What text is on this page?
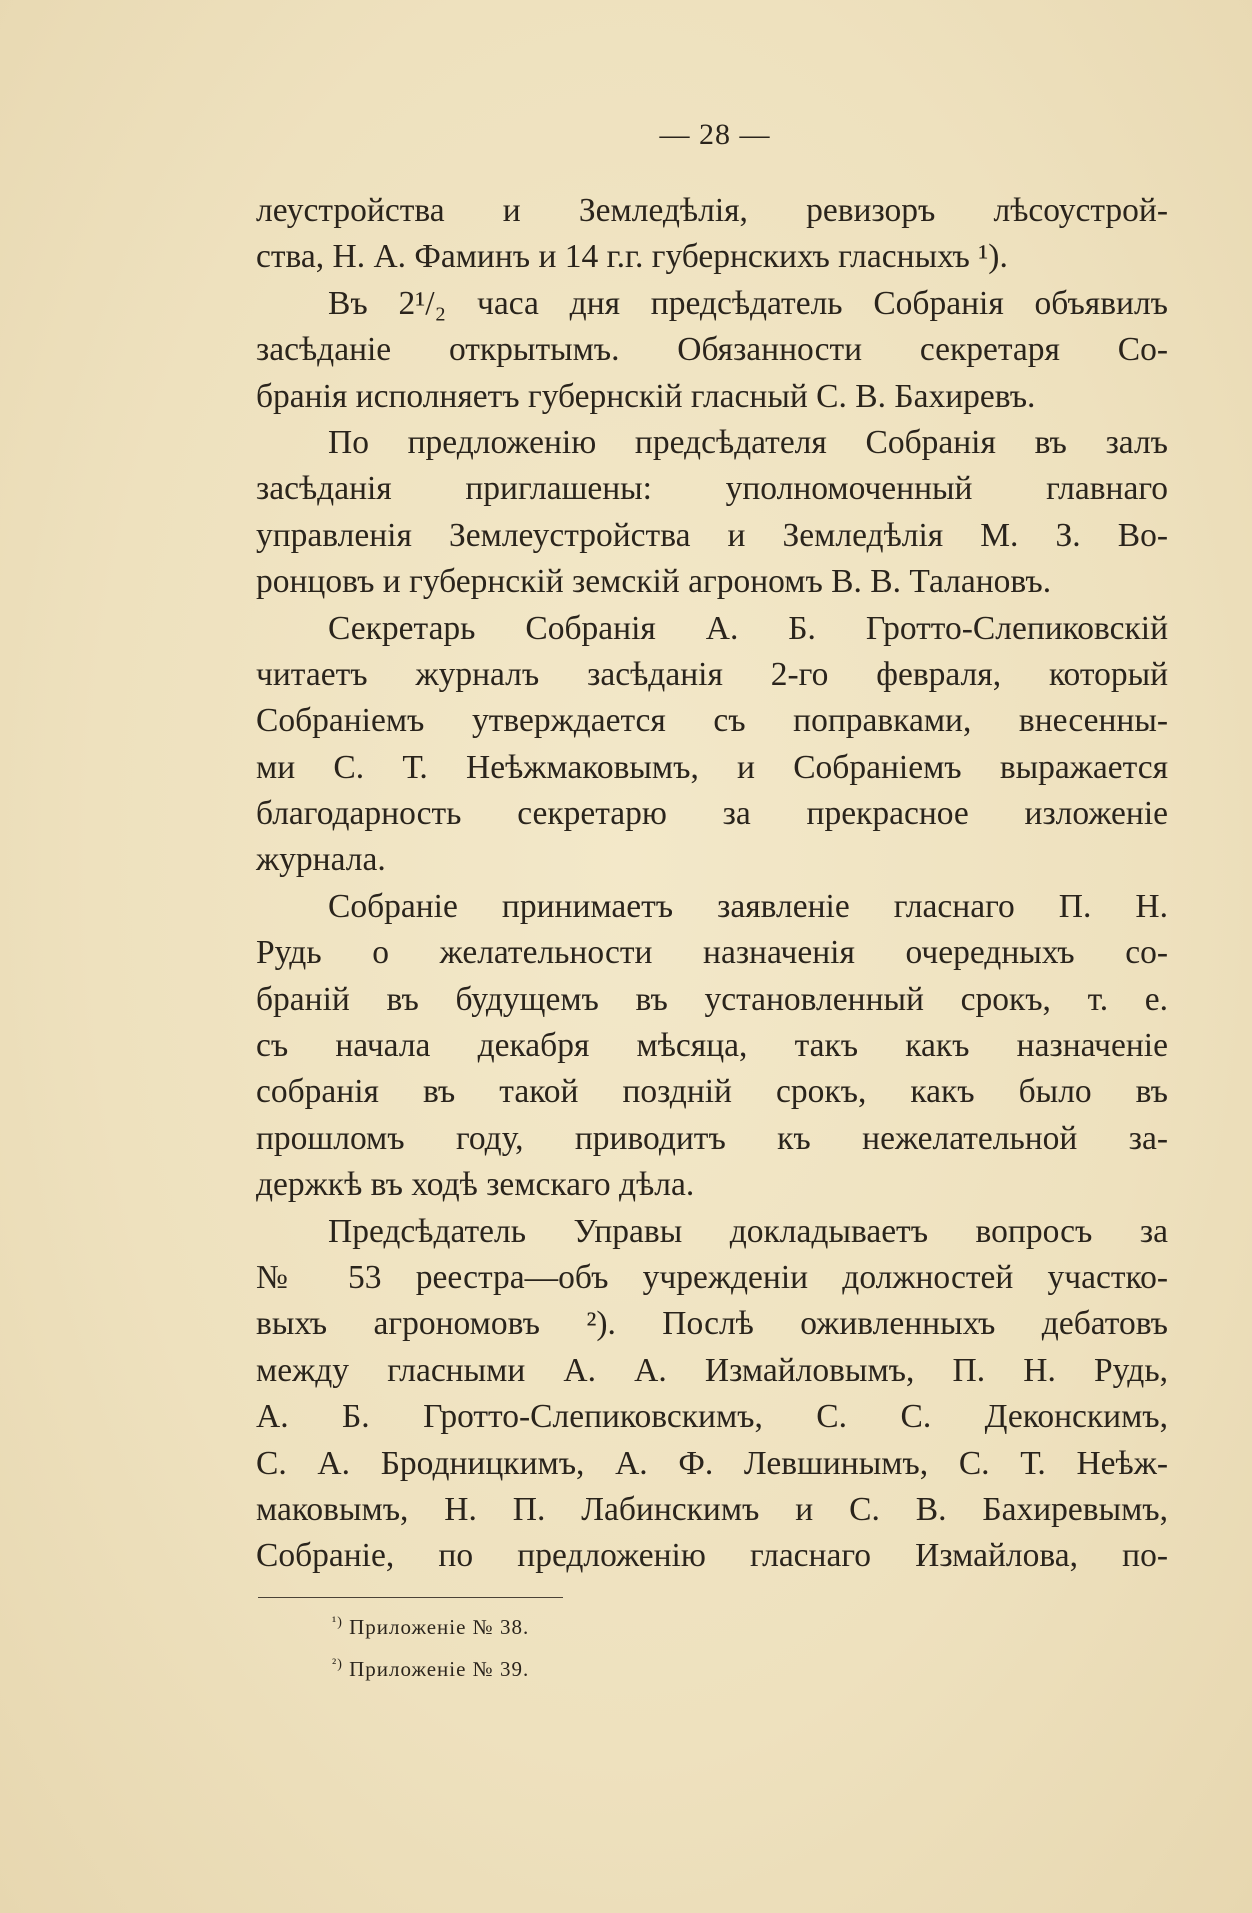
— 28 —
леустройства и Земледѣлія, ревизоръ лѣсоустрой-
ства, Н. А. Фаминъ и 14 г.г. губернскихъ гласныхъ ¹).
Въ 2¹/₂ часа дня предсѣдатель Собранія объявилъ
засѣданіе открытымъ. Обязанности секретаря Со-
бранія исполняетъ губернскій гласный С. В. Бахиревъ.
По предложенію предсѣдателя Собранія въ залъ
засѣданія приглашены: уполномоченный главнаго
управленія Землеустройства и Земледѣлія М. З. Во-
ронцовъ и губернскій земскій агрономъ В. В. Талановъ.
Секретарь Собранія А. Б. Гротто-Слепиковскій
читаетъ журналъ засѣданія 2-го февраля, который
Собраніемъ утверждается съ поправками, внесенны-
ми С. Т. Неѣжмаковымъ, и Собраніемъ выражается
благодарность секретарю за прекрасное изложеніе
журнала.
Собраніе принимаетъ заявленіе гласнаго П. Н.
Рудь о желательности назначенія очередныхъ со-
браній въ будущемъ въ установленный срокъ, т. е.
съ начала декабря мѣсяца, такъ какъ назначеніе
собранія въ такой поздній срокъ, какъ было въ
прошломъ году, приводитъ къ нежелательной за-
держкѣ въ ходѣ земскаго дѣла.
Предсѣдатель Управы докладываетъ вопросъ за
№ 53 реестра—объ учрежденіи должностей участко-
выхъ агрономовъ ²). Послѣ оживленныхъ дебатовъ
между гласными А. А. Измайловымъ, П. Н. Рудь,
А. Б. Гротто-Слепиковскимъ, С. С. Деконскимъ,
С. А. Бродницкимъ, А. Ф. Левшинымъ, С. Т. Неѣж-
маковымъ, Н. П. Лабинскимъ и С. В. Бахиревымъ,
Собраніе, по предложенію гласнаго Измайлова, по-
$^{^1)}$ Приложеніе № 38.
$^{^2)}$ Приложеніе № 39.
